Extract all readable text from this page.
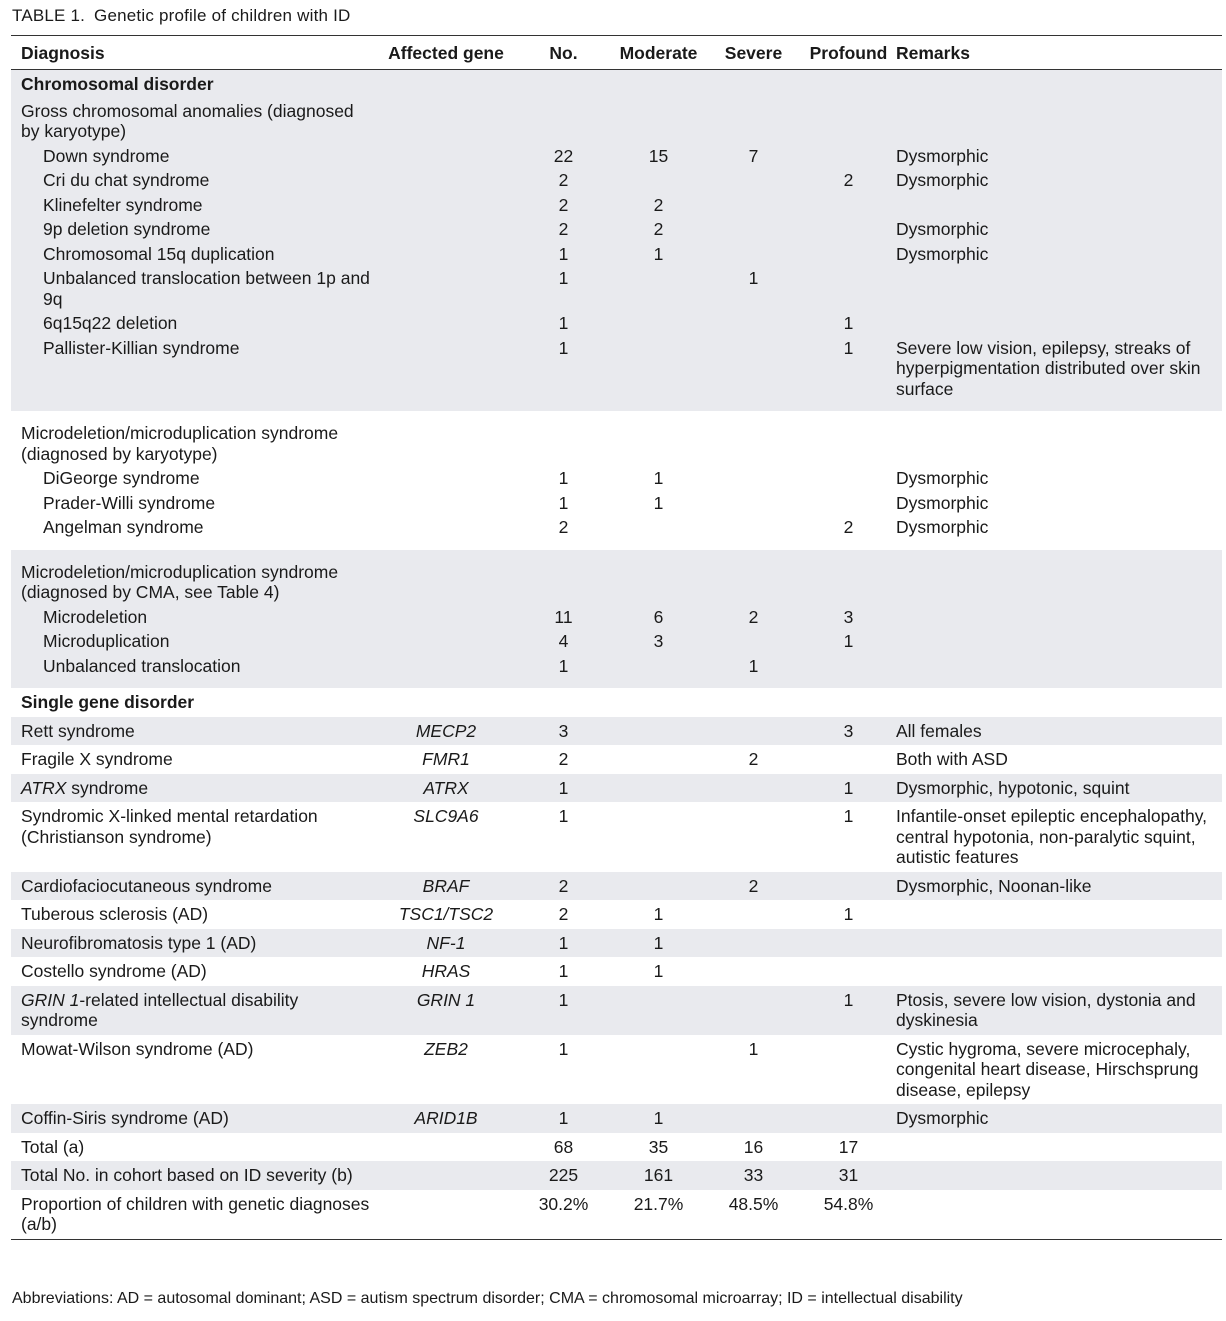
TABLE 1. Genetic profile of children with ID
Diagnosis	Affected gene	No.	Moderate	Severe	Profound	Remarks
Chromosomal disorder						
Gross chromosomal anomalies (diagnosed by karyotype)						
Down syndrome		22	15	7		Dysmorphic
Cri du chat syndrome		2			2	Dysmorphic
Klinefelter syndrome		2	2			
9p deletion syndrome		2	2			Dysmorphic
Chromosomal 15q duplication		1	1			Dysmorphic
Unbalanced translocation between 1p and 9q		1		1		
6q15q22 deletion		1			1	
Pallister-Killian syndrome		1			1	Severe low vision, epilepsy, streaks of hyperpigmentation distributed over skin surface

Microdeletion/microduplication syndrome (diagnosed by karyotype)						
DiGeorge syndrome		1	1			Dysmorphic
Prader-Willi syndrome		1	1			Dysmorphic
Angelman syndrome		2			2	Dysmorphic

Microdeletion/microduplication syndrome (diagnosed by CMA, see Table 4)						
Microdeletion		11	6	2	3	
Microduplication		4	3		1	
Unbalanced translocation		1		1		

Single gene disorder						
Rett syndrome	MECP2	3			3	All females
Fragile X syndrome	FMR1	2		2		Both with ASD
ATRX syndrome	ATRX	1			1	Dysmorphic, hypotonic, squint
Syndromic X-linked mental retardation (Christianson syndrome)	SLC9A6	1			1	Infantile-onset epileptic encephalopathy, central hypotonia, non-paralytic squint, autistic features
Cardiofaciocutaneous syndrome	BRAF	2		2		Dysmorphic, Noonan-like
Tuberous sclerosis (AD)	TSC1/TSC2	2	1		1	
Neurofibromatosis type 1 (AD)	NF-1	1	1			
Costello syndrome (AD)	HRAS	1	1			
GRIN 1-related intellectual disability syndrome	GRIN 1	1			1	Ptosis, severe low vision, dystonia and dyskinesia
Mowat-Wilson syndrome (AD)	ZEB2	1		1		Cystic hygroma, severe microcephaly, congenital heart disease, Hirschsprung disease, epilepsy
Coffin-Siris syndrome (AD)	ARID1B	1	1			Dysmorphic
Total (a)		68	35	16	17	
Total No. in cohort based on ID severity (b)		225	161	33	31	
Proportion of children with genetic diagnoses (a/b)		30.2%	21.7%	48.5%	54.8%	
Abbreviations: AD = autosomal dominant; ASD = autism spectrum disorder; CMA = chromosomal microarray; ID = intellectual disability
